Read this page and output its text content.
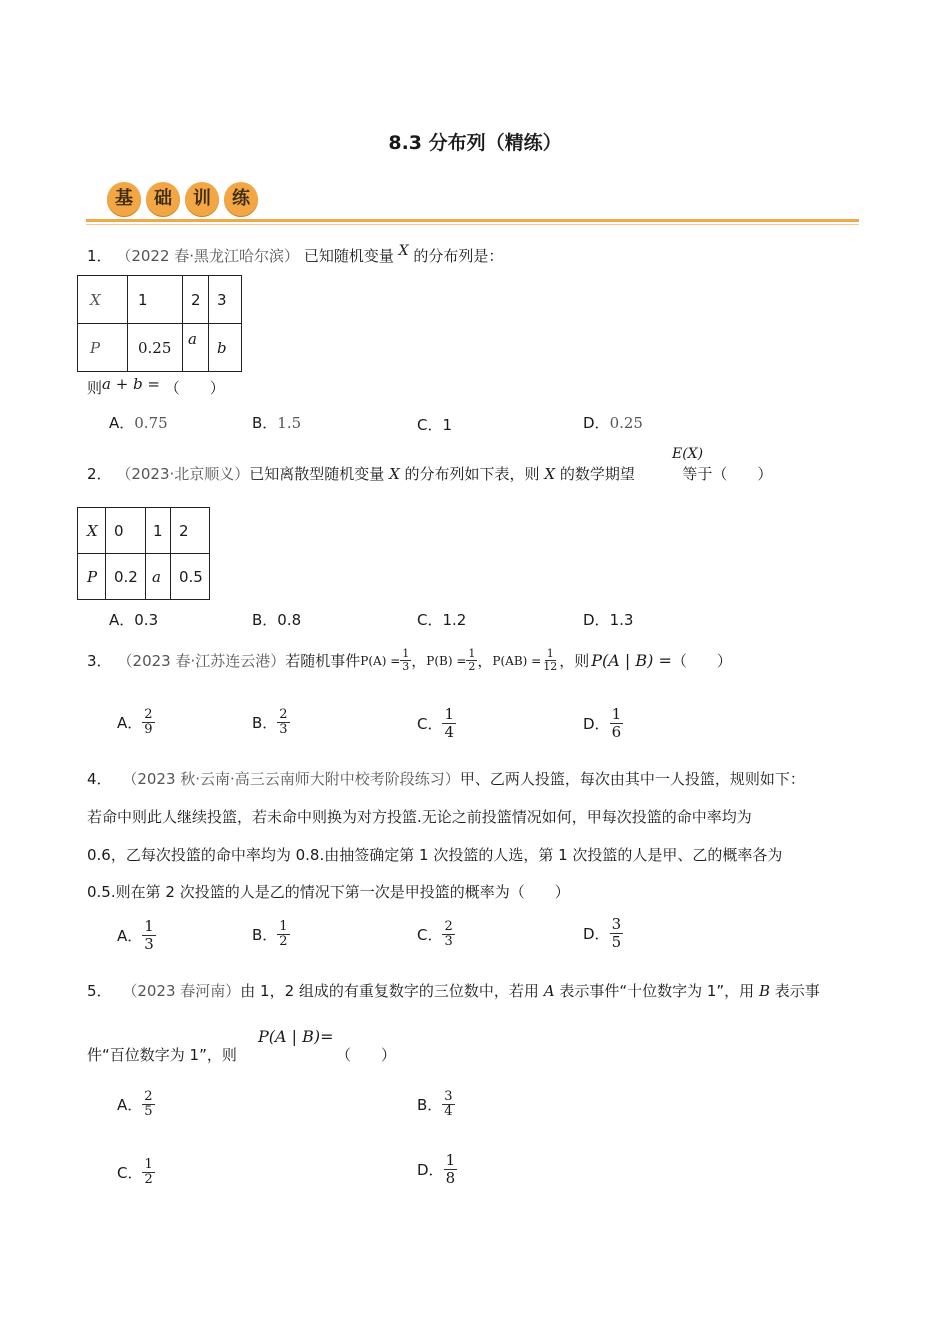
8.3 分布列（精练）
基	础	训	练
1． （2022 春·黑龙江哈尔滨） 已知随机变量 X 的分布列是：
X	1	2	3
P	0.25	a	b
则a + b = （　　）
A．0.75	B．1.5	C．1	D．0.25
E(X)
2． （2023·北京顺义）已知离散型随机变量 X 的分布列如下表，则 X 的数学期望	等于（　　）
X	0	1	2
P	0.2	a	0.5
A．0.3	B．0.8	C．1.2	D．1.3
3． （2023 春·江苏连云港） 若随机事件 $P(A) = \frac{1}{3}$ ， $P(B) = \frac{1}{2}$ ， $P(AB) = \frac{1}{12}$ ，则 P(A | B) = （　　）
A． $\frac{2}{9}$	B． $\frac{2}{3}$	C． $\frac{1}{4}$	D． $\frac{1}{6}$
4． （2023 秋·云南·高三云南师大附中校考阶段练习）甲、乙两人投篮，每次由其中一人投篮，规则如下：
若命中则此人继续投篮，若未命中则换为对方投篮.无论之前投篮情况如何，甲每次投篮的命中率均为
0.6，乙每次投篮的命中率均为 0.8.由抽签确定第 1 次投篮的人选，第 1 次投篮的人是甲、乙的概率各为
0.5.则在第 2 次投篮的人是乙的情况下第一次是甲投篮的概率为（　　）
A． $\frac{1}{3}$	B． $\frac{1}{2}$	C． $\frac{2}{3}$	D． $\frac{3}{5}$
5． （2023 春河南）由 1，2 组成的有重复数字的三位数中，若用 A 表示事件“十位数字为 1”，用 B 表示事
件“百位数字为 1”，则
P(A | B)=
（　　）
A． $\frac{2}{5}$	B． $\frac{3}{4}$
C． $\frac{1}{2}$	D． $\frac{1}{8}$
